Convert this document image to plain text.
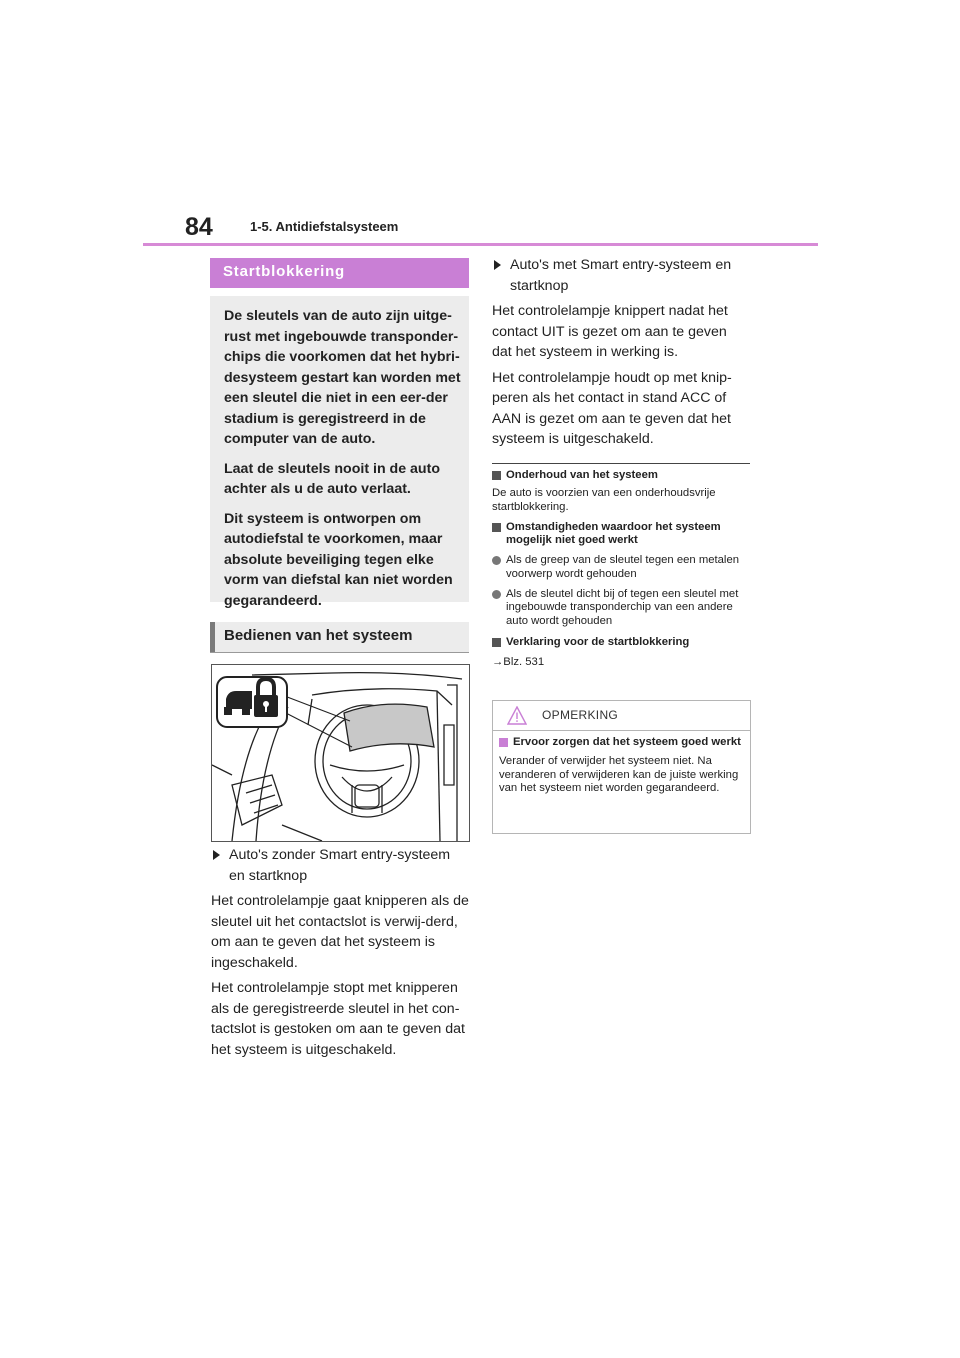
84	1-5. Antidiefstalsysteem
Startblokkering

De sleutels van de auto zijn uitge-rust met ingebouwde transponder-chips die voorkomen dat het hybri-desysteem gestart kan worden met een sleutel die niet in een eer-der stadium is geregistreerd in de computer van de auto.

Laat de sleutels nooit in de auto achter als u de auto verlaat.

Dit systeem is ontworpen om autodiefstal te voorkomen, maar absolute beveiliging tegen elke vorm van diefstal kan niet worden gegarandeerd.

Bedienen van het systeem

Auto's zonder Smart entry-systeem en startknop

Het controlelampje gaat knipperen als de sleutel uit het contactslot is verwij-derd, om aan te geven dat het systeem is ingeschakeld.

Het controlelampje stopt met knipperen als de geregistreerde sleutel in het con-tactslot is gestoken om aan te geven dat het systeem is uitgeschakeld.

Auto's met Smart entry-systeem en startknop

Het controlelampje knippert nadat het contact UIT is gezet om aan te geven dat het systeem in werking is.

Het controlelampje houdt op met knip-peren als het contact in stand ACC of AAN is gezet om aan te geven dat het systeem is uitgeschakeld.

Onderhoud van het systeem

De auto is voorzien van een onderhoudsvrije startblokkering.

Omstandigheden waardoor het systeem mogelijk niet goed werkt

Als de greep van de sleutel tegen een metalen voorwerp wordt gehouden

Als de sleutel dicht bij of tegen een sleutel met ingebouwde transponderchip van een andere auto wordt gehouden

Verklaring voor de startblokkering

→Blz. 531

OPMERKING

Ervoor zorgen dat het systeem goed werkt

Verander of verwijder het systeem niet. Na veranderen of verwijderen kan de juiste werking van het systeem niet worden gegarandeerd.
